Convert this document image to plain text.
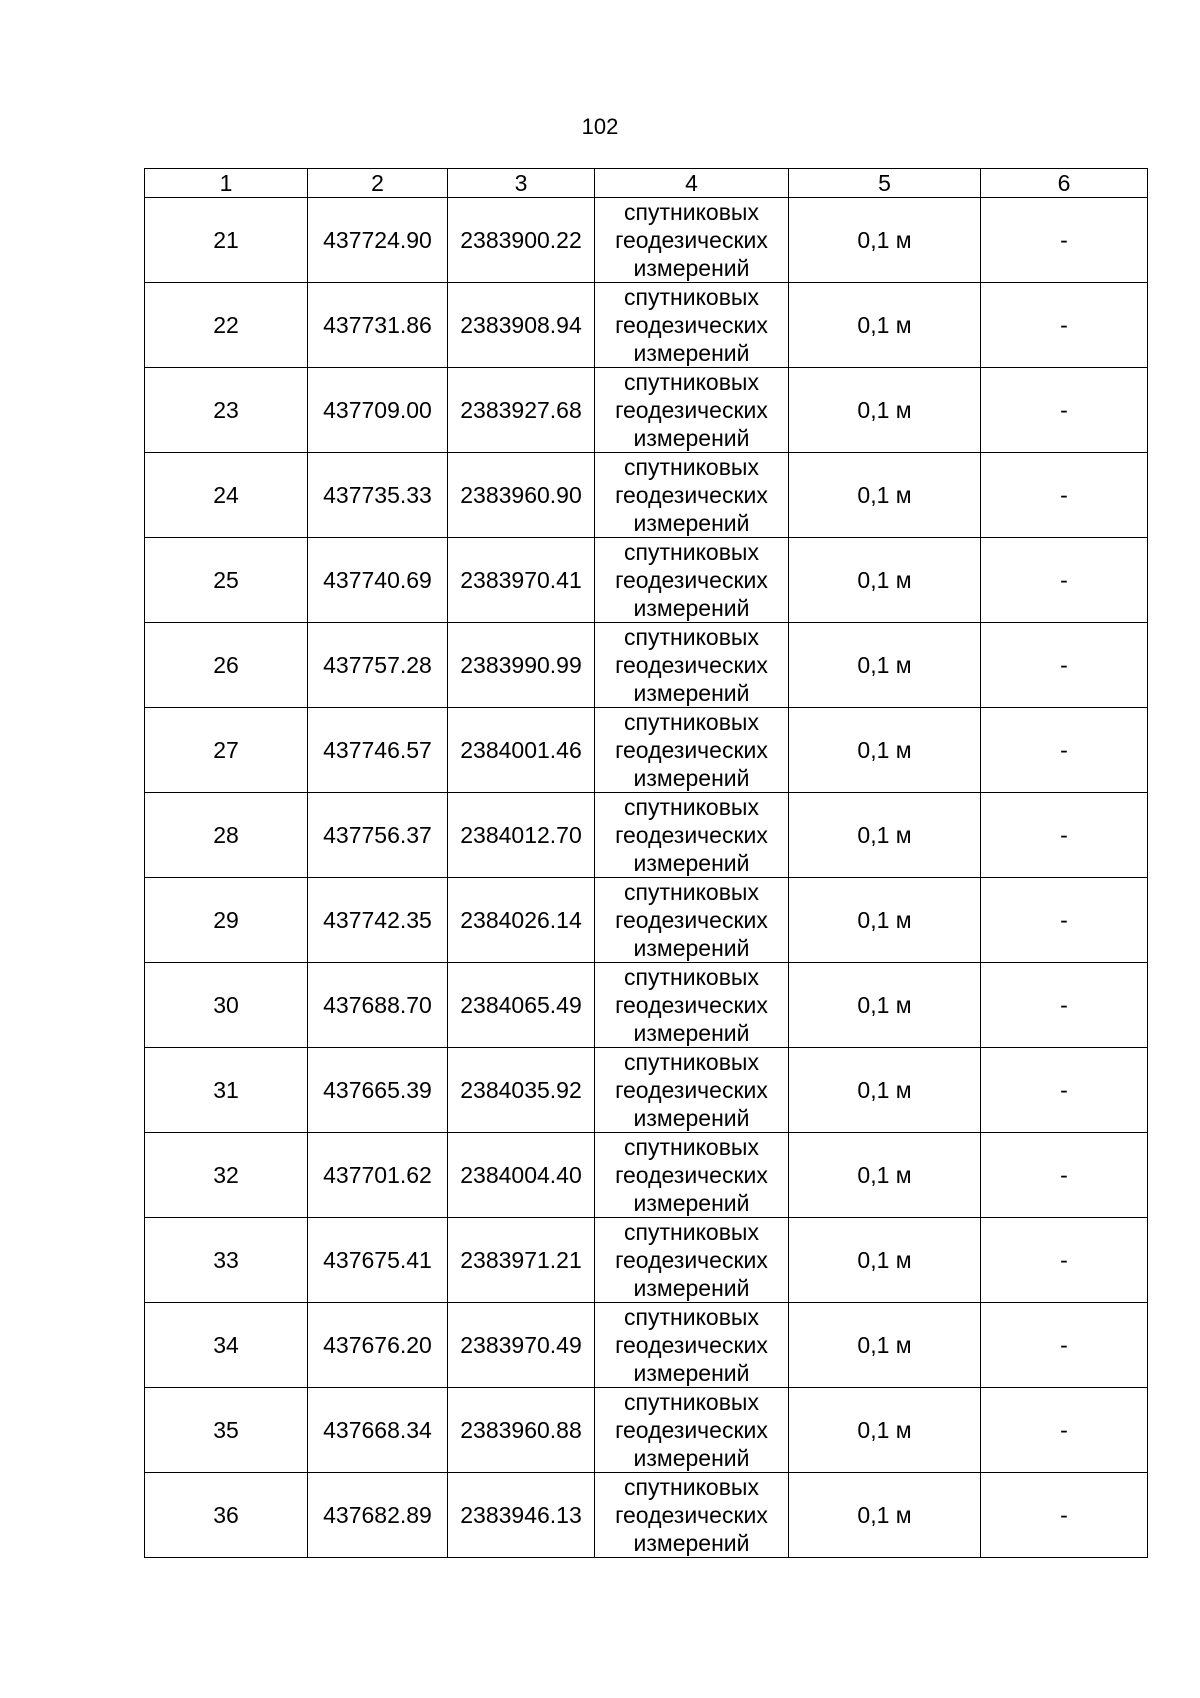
102
1	2	3	4	5	6
21	437724.90	2383900.22	спутниковых
геодезических
измерений	0,1 м	-
22	437731.86	2383908.94	спутниковых
геодезических
измерений	0,1 м	-
23	437709.00	2383927.68	спутниковых
геодезических
измерений	0,1 м	-
24	437735.33	2383960.90	спутниковых
геодезических
измерений	0,1 м	-
25	437740.69	2383970.41	спутниковых
геодезических
измерений	0,1 м	-
26	437757.28	2383990.99	спутниковых
геодезических
измерений	0,1 м	-
27	437746.57	2384001.46	спутниковых
геодезических
измерений	0,1 м	-
28	437756.37	2384012.70	спутниковых
геодезических
измерений	0,1 м	-
29	437742.35	2384026.14	спутниковых
геодезических
измерений	0,1 м	-
30	437688.70	2384065.49	спутниковых
геодезических
измерений	0,1 м	-
31	437665.39	2384035.92	спутниковых
геодезических
измерений	0,1 м	-
32	437701.62	2384004.40	спутниковых
геодезических
измерений	0,1 м	-
33	437675.41	2383971.21	спутниковых
геодезических
измерений	0,1 м	-
34	437676.20	2383970.49	спутниковых
геодезических
измерений	0,1 м	-
35	437668.34	2383960.88	спутниковых
геодезических
измерений	0,1 м	-
36	437682.89	2383946.13	спутниковых
геодезических
измерений	0,1 м	-
